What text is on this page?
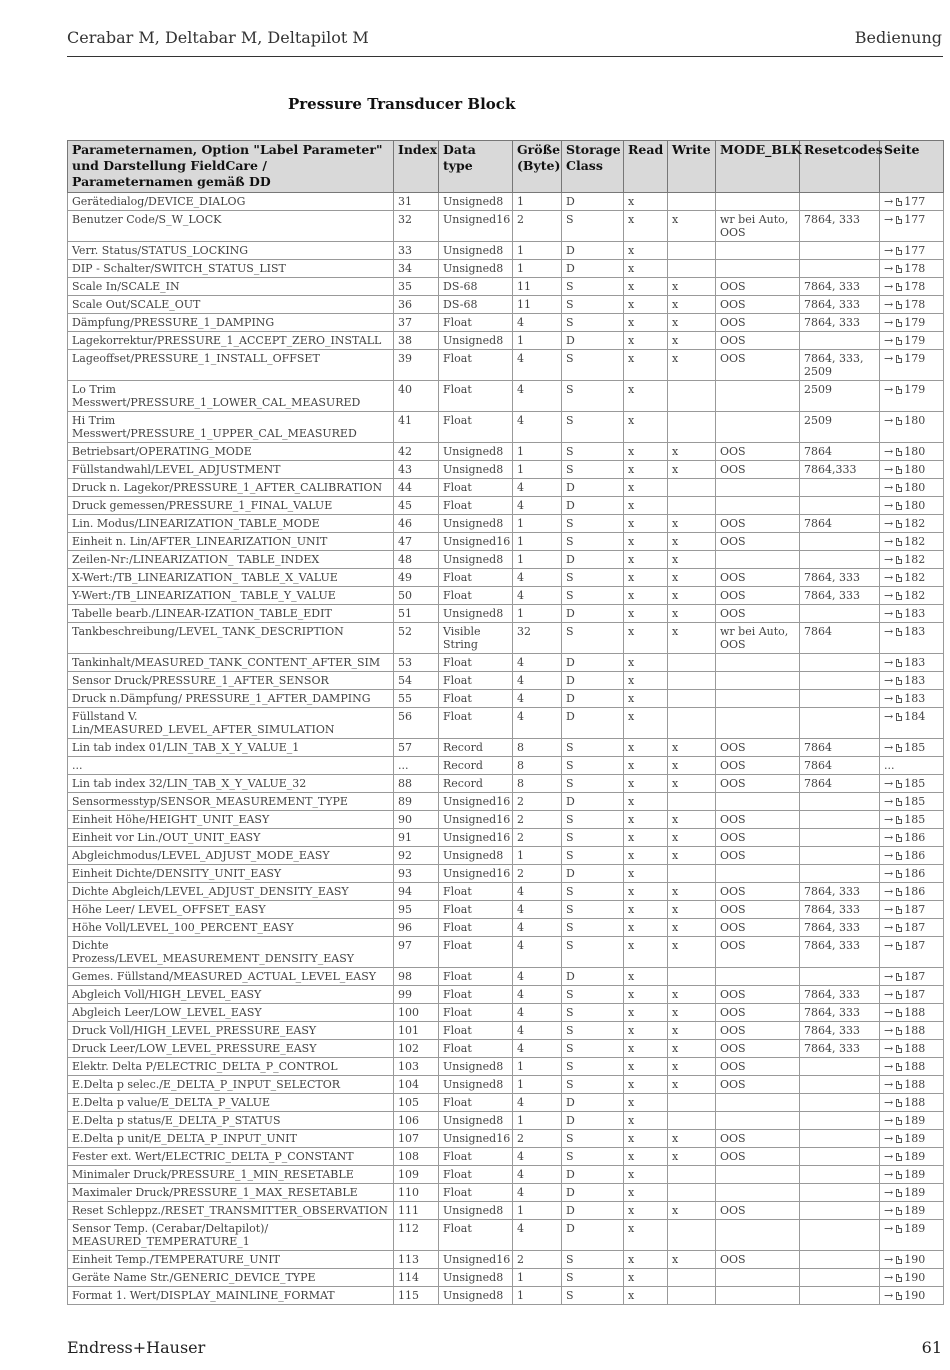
Cerabar M, Deltabar M, Deltapilot M	Bedienung
Pressure Transducer Block
Parameternamen, Option "Label Parameter" und Darstellung FieldCare / Parameternamen gemäß DD	Index	Data type	Größe (Byte)	Storage Class	Read	Write	MODE_BLK	Resetcodes	Seite
Gerätedialog/DEVICE_DIALOG	31	Unsigned8	1	D	x				→ 177
Benutzer Code/S_W_LOCK	32	Unsigned16	2	S	x	x	wr bei Auto, OOS	7864, 333	→ 177
Verr. Status/STATUS_LOCKING	33	Unsigned8	1	D	x				→ 177
DIP - Schalter/SWITCH_STATUS_LIST	34	Unsigned8	1	D	x				→ 178
Scale In/SCALE_IN	35	DS-68	11	S	x	x	OOS	7864, 333	→ 178
Scale Out/SCALE_OUT	36	DS-68	11	S	x	x	OOS	7864, 333	→ 178
Dämpfung/PRESSURE_1_DAMPING	37	Float	4	S	x	x	OOS	7864, 333	→ 179
Lagekorrektur/PRESSURE_1_ACCEPT_ZERO_INSTALL	38	Unsigned8	1	D	x	x	OOS		→ 179
Lageoffset/PRESSURE_1_INSTALL_OFFSET	39	Float	4	S	x	x	OOS	7864, 333, 2509	→ 179
Lo Trim Messwert/PRESSURE_1_LOWER_CAL_MEASURED	40	Float	4	S	x			2509	→ 179
Hi Trim Messwert/PRESSURE_1_UPPER_CAL_MEASURED	41	Float	4	S	x			2509	→ 180
Betriebsart/OPERATING_MODE	42	Unsigned8	1	S	x	x	OOS	7864	→ 180
Füllstandwahl/LEVEL_ADJUSTMENT	43	Unsigned8	1	S	x	x	OOS	7864,333	→ 180
Druck n. Lagekor/PRESSURE_1_AFTER_CALIBRATION	44	Float	4	D	x				→ 180
Druck gemessen/PRESSURE_1_FINAL_VALUE	45	Float	4	D	x				→ 180
Lin. Modus/LINEARIZATION_TABLE_MODE	46	Unsigned8	1	S	x	x	OOS	7864	→ 182
Einheit n. Lin/AFTER_LINEARIZATION_UNIT	47	Unsigned16	1	S	x	x	OOS		→ 182
Zeilen-Nr:/LINEARIZATION_ TABLE_INDEX	48	Unsigned8	1	D	x	x			→ 182
X-Wert:/TB_LINEARIZATION_ TABLE_X_VALUE	49	Float	4	S	x	x	OOS	7864, 333	→ 182
Y-Wert:/TB_LINEARIZATION_ TABLE_Y_VALUE	50	Float	4	S	x	x	OOS	7864, 333	→ 182
Tabelle bearb./LINEAR-IZATION_TABLE_EDIT	51	Unsigned8	1	D	x	x	OOS		→ 183
Tankbeschreibung/LEVEL_TANK_DESCRIPTION	52	Visible String	32	S	x	x	wr bei Auto, OOS	7864	→ 183
Tankinhalt/MEASURED_TANK_CONTENT_AFTER_SIM	53	Float	4	D	x				→ 183
Sensor Druck/PRESSURE_1_AFTER_SENSOR	54	Float	4	D	x				→ 183
Druck n.Dämpfung/ PRESSURE_1_AFTER_DAMPING	55	Float	4	D	x				→ 183
Füllstand V. Lin/MEASURED_LEVEL_AFTER_SIMULATION	56	Float	4	D	x				→ 184
Lin tab index 01/LIN_TAB_X_Y_VALUE_1	57	Record	8	S	x	x	OOS	7864	→ 185
...	...	Record	8	S	x	x	OOS	7864	...
Lin tab index 32/LIN_TAB_X_Y_VALUE_32	88	Record	8	S	x	x	OOS	7864	→ 185
Sensormesstyp/SENSOR_MEASUREMENT_TYPE	89	Unsigned16	2	D	x				→ 185
Einheit Höhe/HEIGHT_UNIT_EASY	90	Unsigned16	2	S	x	x	OOS		→ 185
Einheit vor Lin./OUT_UNIT_EASY	91	Unsigned16	2	S	x	x	OOS		→ 186
Abgleichmodus/LEVEL_ADJUST_MODE_EASY	92	Unsigned8	1	S	x	x	OOS		→ 186
Einheit Dichte/DENSITY_UNIT_EASY	93	Unsigned16	2	D	x				→ 186
Dichte Abgleich/LEVEL_ADJUST_DENSITY_EASY	94	Float	4	S	x	x	OOS	7864, 333	→ 186
Höhe Leer/ LEVEL_OFFSET_EASY	95	Float	4	S	x	x	OOS	7864, 333	→ 187
Höhe Voll/LEVEL_100_PERCENT_EASY	96	Float	4	S	x	x	OOS	7864, 333	→ 187
Dichte Prozess/LEVEL_MEASUREMENT_DENSITY_EASY	97	Float	4	S	x	x	OOS	7864, 333	→ 187
Gemes. Füllstand/MEASURED_ACTUAL_LEVEL_EASY	98	Float	4	D	x				→ 187
Abgleich Voll/HIGH_LEVEL_EASY	99	Float	4	S	x	x	OOS	7864, 333	→ 187
Abgleich Leer/LOW_LEVEL_EASY	100	Float	4	S	x	x	OOS	7864, 333	→ 188
Druck Voll/HIGH_LEVEL_PRESSURE_EASY	101	Float	4	S	x	x	OOS	7864, 333	→ 188
Druck Leer/LOW_LEVEL_PRESSURE_EASY	102	Float	4	S	x	x	OOS	7864, 333	→ 188
Elektr. Delta P/ELECTRIC_DELTA_P_CONTROL	103	Unsigned8	1	S	x	x	OOS		→ 188
E.Delta p selec./E_DELTA_P_INPUT_SELECTOR	104	Unsigned8	1	S	x	x	OOS		→ 188
E.Delta p value/E_DELTA_P_VALUE	105	Float	4	D	x				→ 188
E.Delta p status/E_DELTA_P_STATUS	106	Unsigned8	1	D	x				→ 189
E.Delta p unit/E_DELTA_P_INPUT_UNIT	107	Unsigned16	2	S	x	x	OOS		→ 189
Fester ext. Wert/ELECTRIC_DELTA_P_CONSTANT	108	Float	4	S	x	x	OOS		→ 189
Minimaler Druck/PRESSURE_1_MIN_RESETABLE	109	Float	4	D	x				→ 189
Maximaler Druck/PRESSURE_1_MAX_RESETABLE	110	Float	4	D	x				→ 189
Reset Schleppz./RESET_TRANSMITTER_OBSERVATION	111	Unsigned8	1	D	x	x	OOS		→ 189
Sensor Temp. (Cerabar/Deltapilot)/ MEASURED_TEMPERATURE_1	112	Float	4	D	x				→ 189
Einheit Temp./TEMPERATURE_UNIT	113	Unsigned16	2	S	x	x	OOS		→ 190
Geräte Name Str./GENERIC_DEVICE_TYPE	114	Unsigned8	1	S	x				→ 190
Format 1. Wert/DISPLAY_MAINLINE_FORMAT	115	Unsigned8	1	S	x				→ 190
Endress+Hauser	61
